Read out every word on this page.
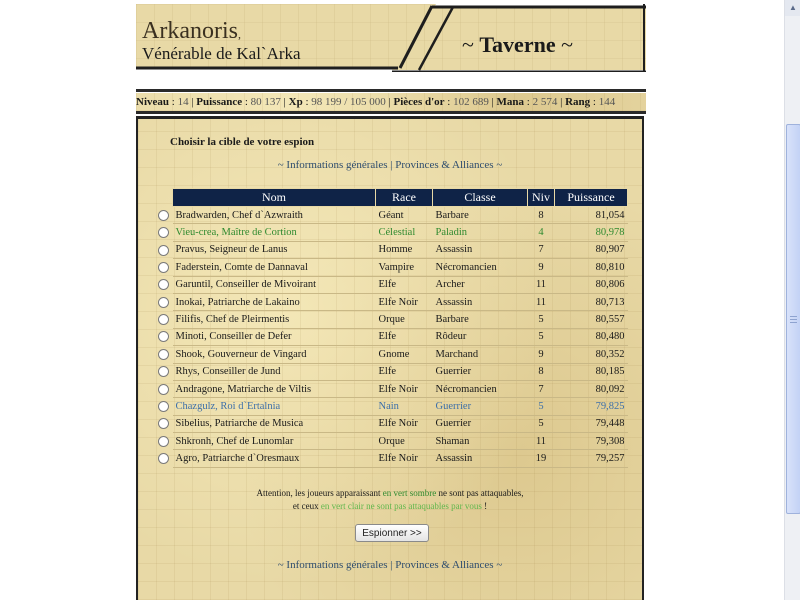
Arkanoris,
Vénérable de Kal`Arka	~ Taverne ~
Niveau : 14 | Puissance : 80 137 | Xp : 98 199 / 105 000 | Pièces d'or : 102 689 | Mana : 2 574 | Rang : 144
Choisir la cible de votre espion
~ Informations générales | Provinces & Alliances ~
	Nom	Race	Classe	Niv	Puissance
	Bradwarden, Chef d`Azwraith	Géant	Barbare	8	81,054
	Vieu-crea, Maître de Cortion	Célestial	Paladin	4	80,978
	Pravus, Seigneur de Lanus	Homme	Assassin	7	80,907
	Faderstein, Comte de Dannaval	Vampire	Nécromancien	9	80,810
	Garuntil, Conseiller de Mivoirant	Elfe	Archer	11	80,806
	Inokai, Patriarche de Lakaino	Elfe Noir	Assassin	11	80,713
	Filifis, Chef de Pleirmentis	Orque	Barbare	5	80,557
	Minoti, Conseiller de Defer	Elfe	Rôdeur	5	80,480
	Shook, Gouverneur de Vingard	Gnome	Marchand	9	80,352
	Rhys, Conseiller de Jund	Elfe	Guerrier	8	80,185
	Andragone, Matriarche de Viltis	Elfe Noir	Nécromancien	7	80,092
	Chazgulz, Roi d`Ertalnia	Nain	Guerrier	5	79,825
	Sibelius, Patriarche de Musica	Elfe Noir	Guerrier	5	79,448
	Shkronh, Chef de Lunomlar	Orque	Shaman	11	79,308
	Agro, Patriarche d`Oresmaux	Elfe Noir	Assassin	19	79,257
Attention, les joueurs apparaissant en vert sombre ne sont pas attaquables,
et ceux en vert clair ne sont pas attaquables par vous !
Espionner >>
~ Informations générales | Provinces & Alliances ~
▲
